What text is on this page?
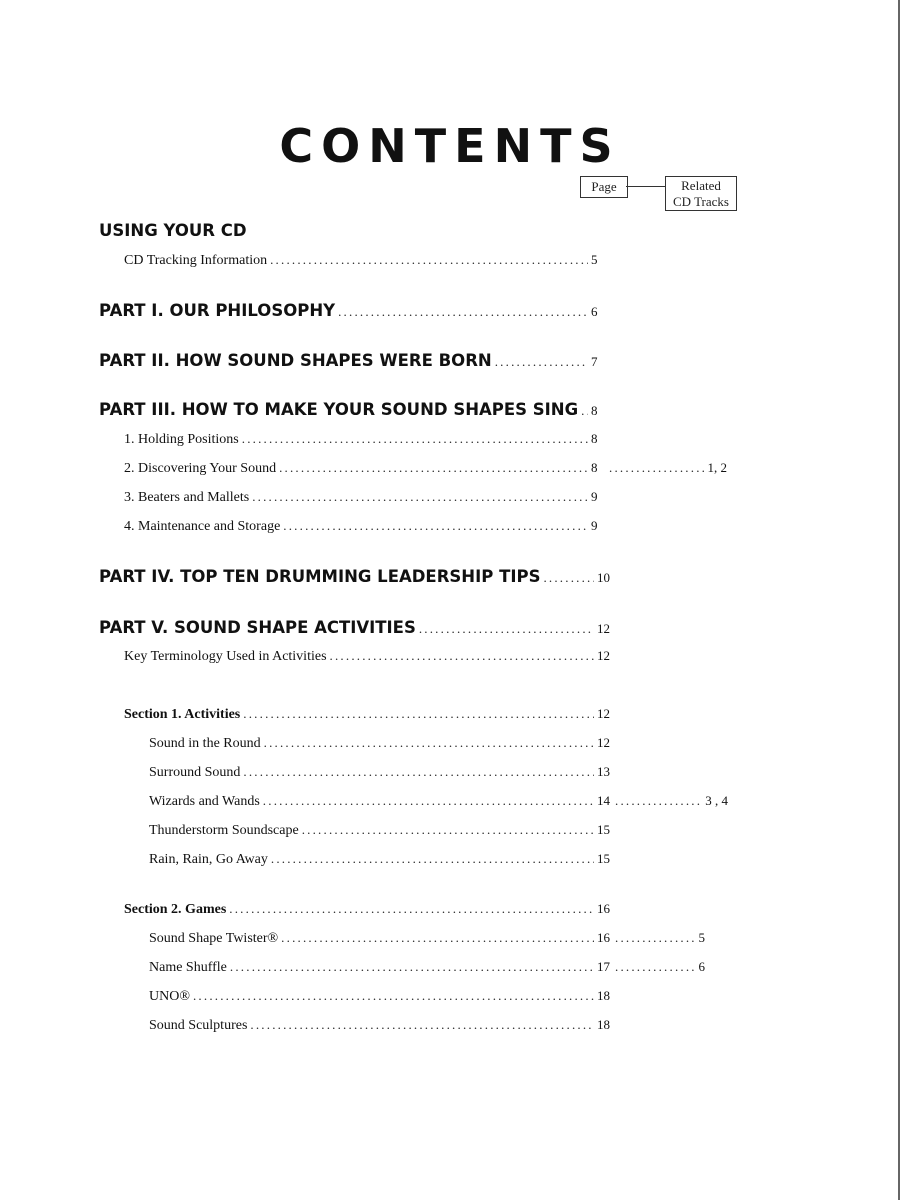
CONTENTS
Page	Related
CD Tracks
USING YOUR CD
CD Tracking Information .....	5
PART I. OUR PHILOSOPHY .....	6
PART II. HOW SOUND SHAPES WERE BORN .....	7
PART III. HOW TO MAKE YOUR SOUND SHAPES SING ..... 8
1. Holding Positions .....	8
2. Discovering Your Sound .....	8 .....	1, 2
3. Beaters and Mallets .....	9
4. Maintenance and Storage .....	9
PART IV. TOP TEN DRUMMING LEADERSHIP TIPS .....	10
PART V. SOUND SHAPE ACTIVITIES .....	12
Key Terminology Used in Activities .....	12
Section 1. Activities .....	12
Sound in the Round .....	12
Surround Sound .....	13
Wizards and Wands .....	14 .....	3 , 4
Thunderstorm Soundscape .....	15
Rain, Rain, Go Away .....	15
Section 2. Games .....	16
Sound Shape Twister® .....	16 .....	5
Name Shuffle .....	17 .....	6
UNO® .....	18
Sound Sculptures .....	18
